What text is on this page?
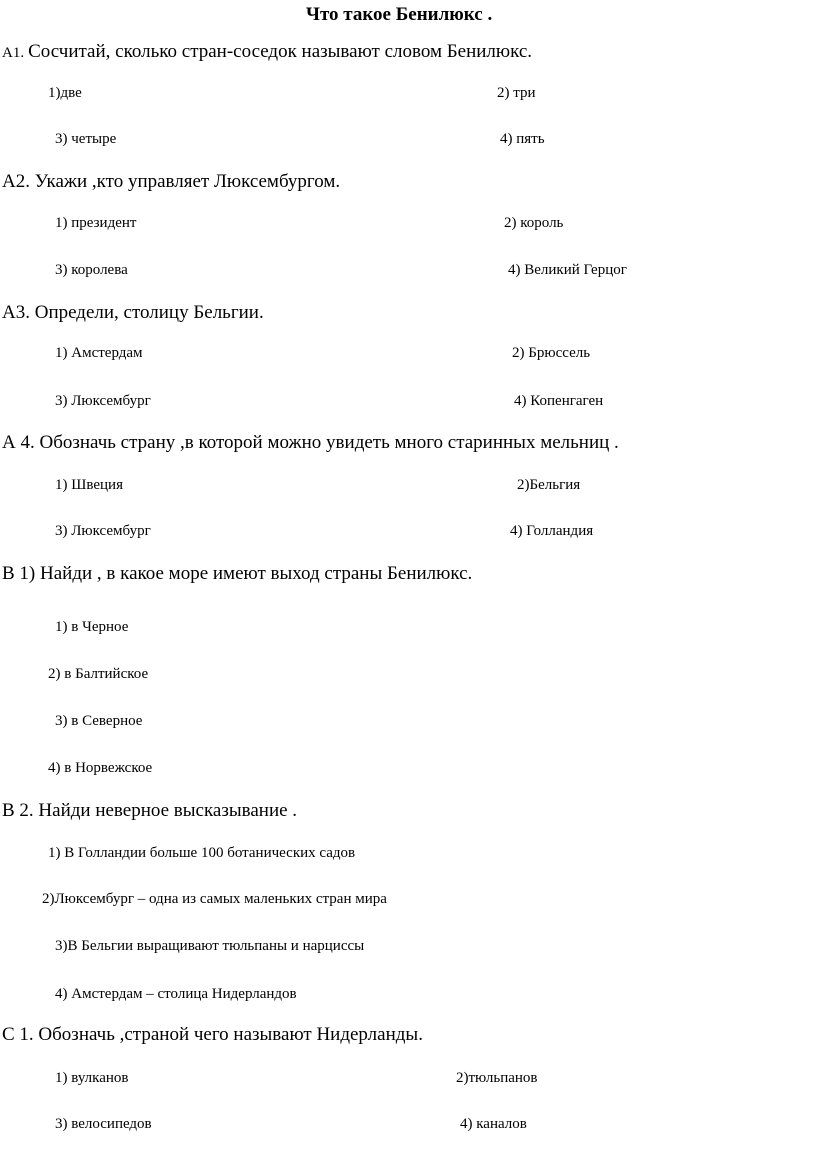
Что такое Бенилюкс .
А1. Сосчитай, сколько стран-соседок называют словом Бенилюкс.
1)две	2) три
3) четыре	4) пять
А2. Укажи ,кто управляет Люксембургом.
1) президент	2) король
3) королева	4) Великий Герцог
А3. Определи, столицу Бельгии.
1) Амстердам	2) Брюссель
3) Люксембург	4) Копенгаген
А 4. Обозначь страну ,в которой можно увидеть много старинных мельниц .
1) Швеция	2)Бельгия
3) Люксембург	4) Голландия
В 1) Найди , в какое море имеют выход страны Бенилюкс.
1) в Черное
2) в Балтийское
3) в Северное
4) в Норвежское
В 2. Найди неверное высказывание .
1) В Голландии больше 100 ботанических садов
2)Люксембург – одна из самых маленьких стран мира
3)В Бельгии выращивают тюльпаны и нарциссы
4) Амстердам – столица Нидерландов
С 1. Обозначь ,страной чего называют Нидерланды.
1) вулканов	2)тюльпанов
3) велосипедов	4) каналов
